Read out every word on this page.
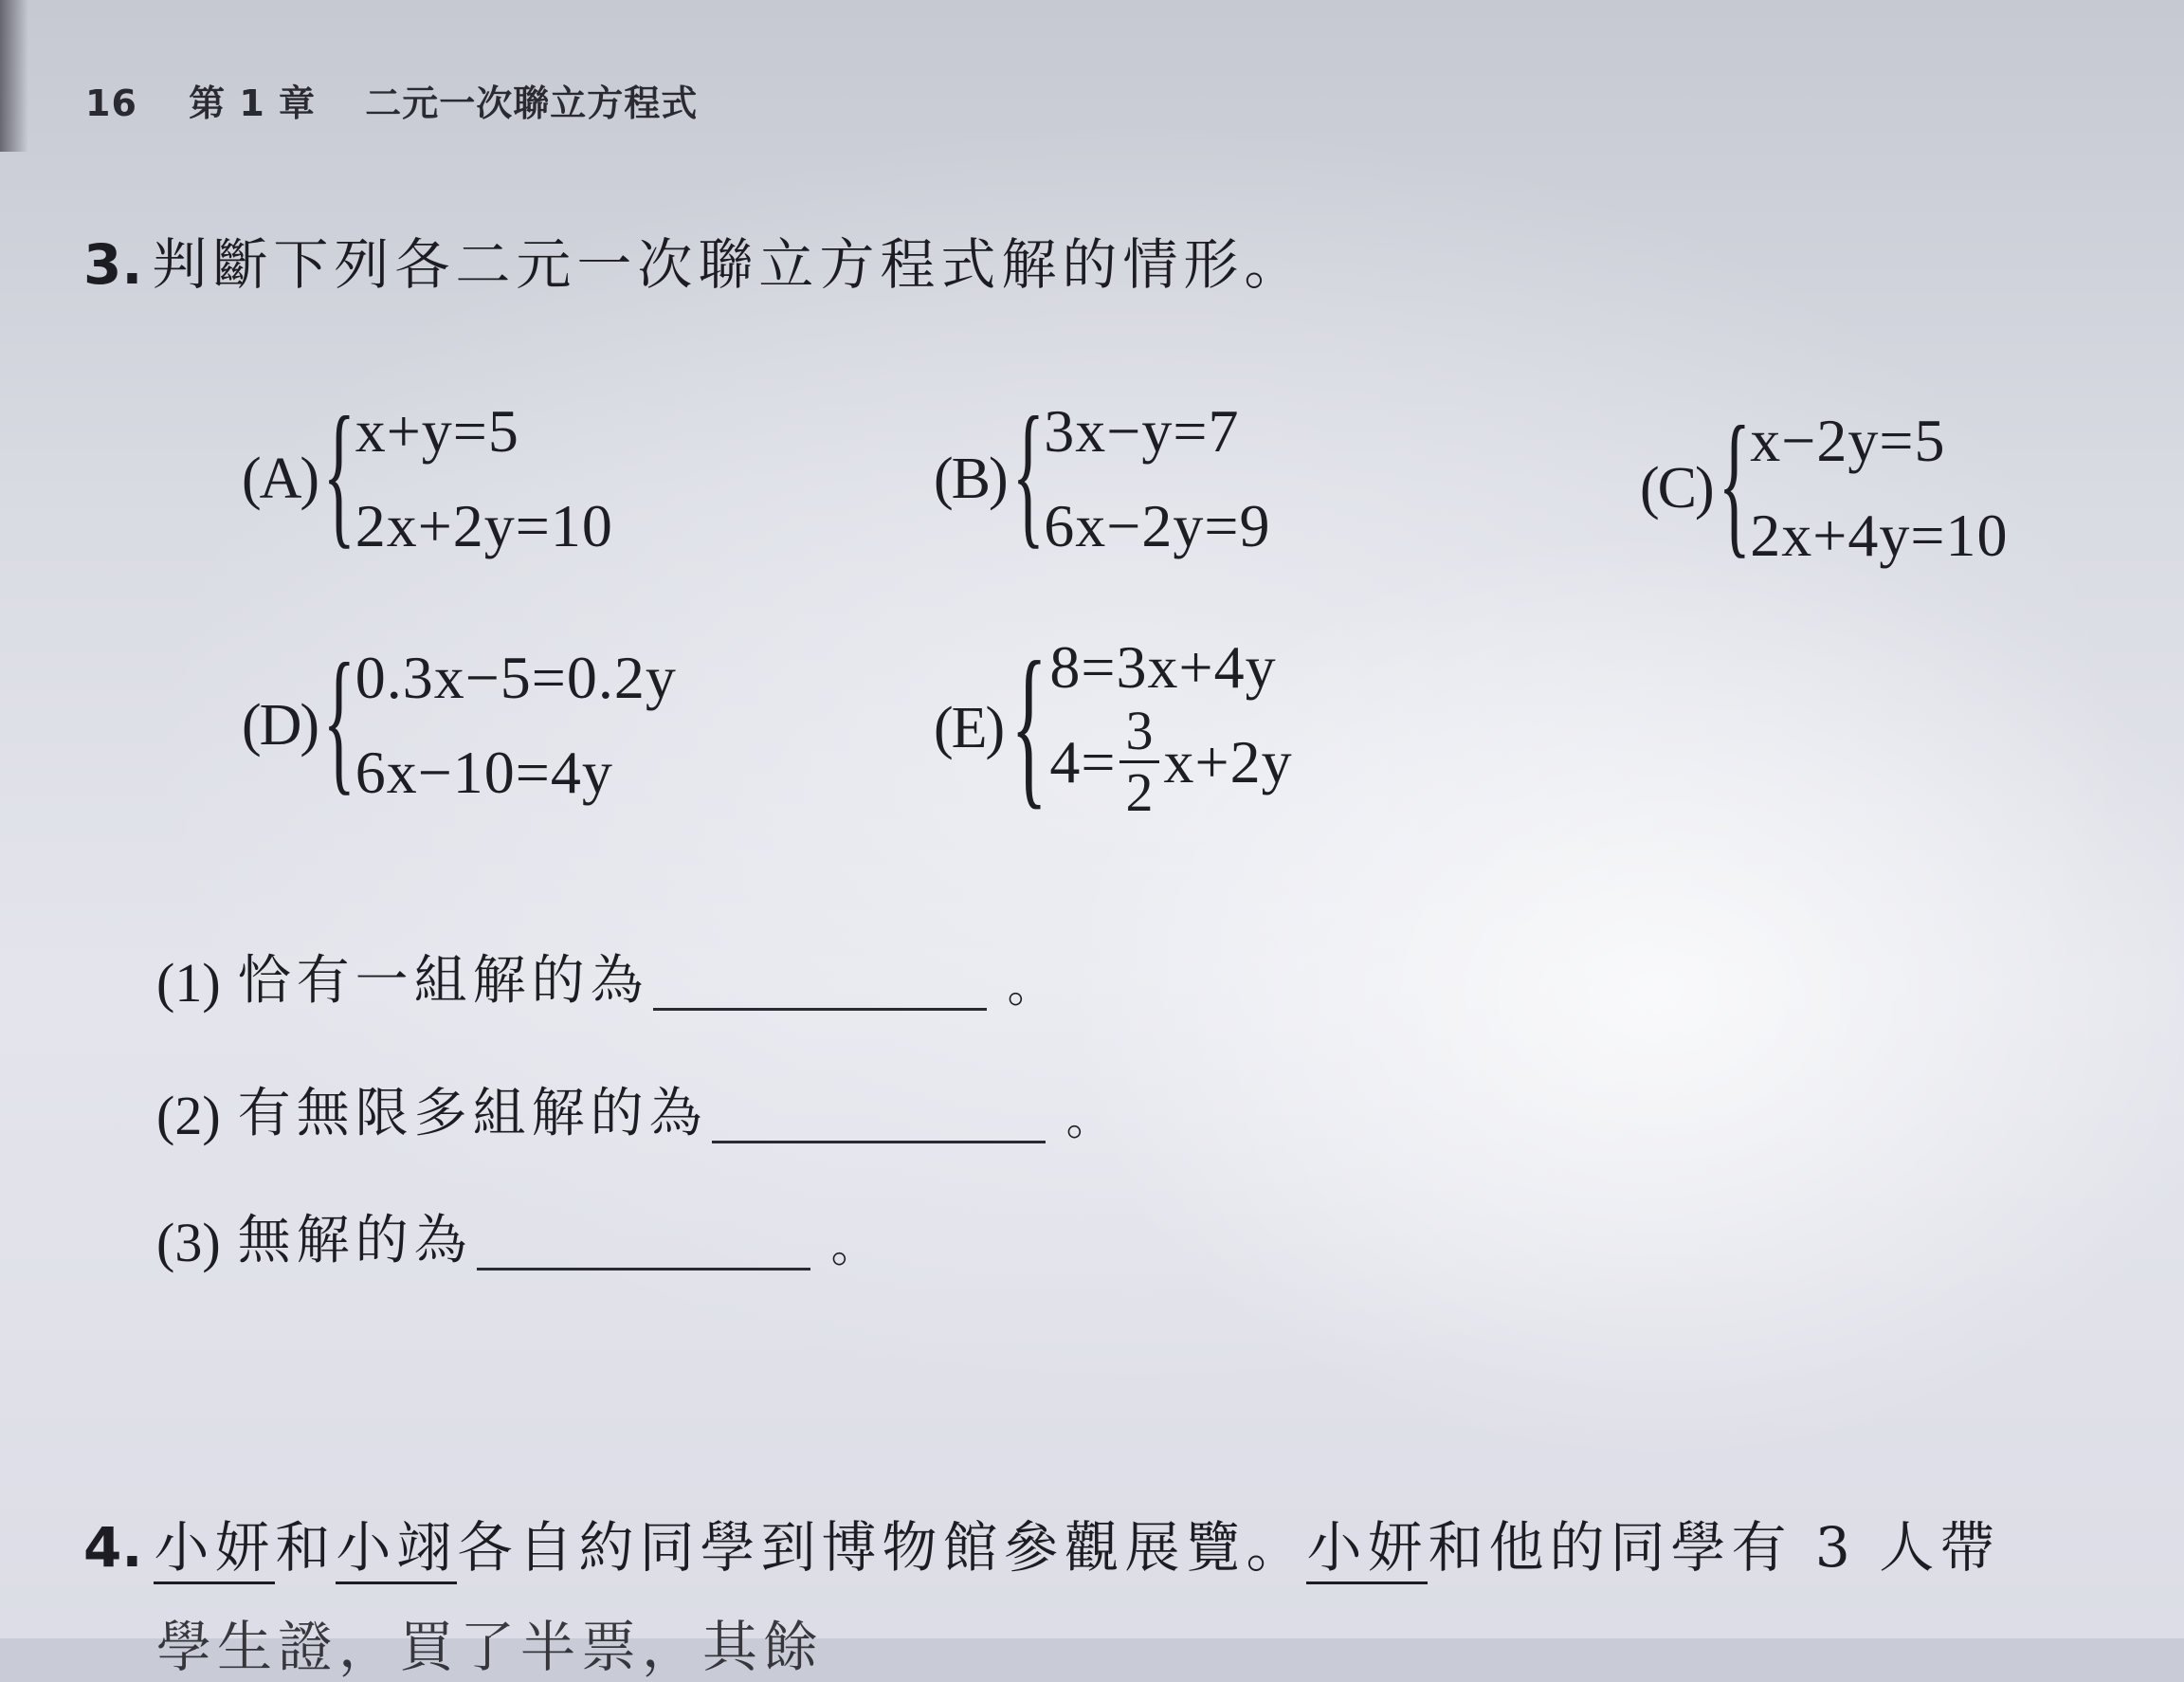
16 第 1 章 二元一次聯立方程式
3. 判斷下列各二元一次聯立方程式解的情形。
(A) { x+y=5
2x+2y=10
(B) { 3x−y=7
6x−2y=9
(C) { x−2y=5
2x+4y=10
(D) { 0.3x−5=0.2y
6x−10=4y
(E) { 8=3x+4y
$4= \frac{3}{2} x+2y$
(1) 恰有一組解的為	。
(2) 有無限多組解的為	。
(3) 無解的為	。
4. 小妍和小翊各自約同學到博物館參觀展覽。小妍和他的同學有 3 人帶
學生證，買了半票，其餘
